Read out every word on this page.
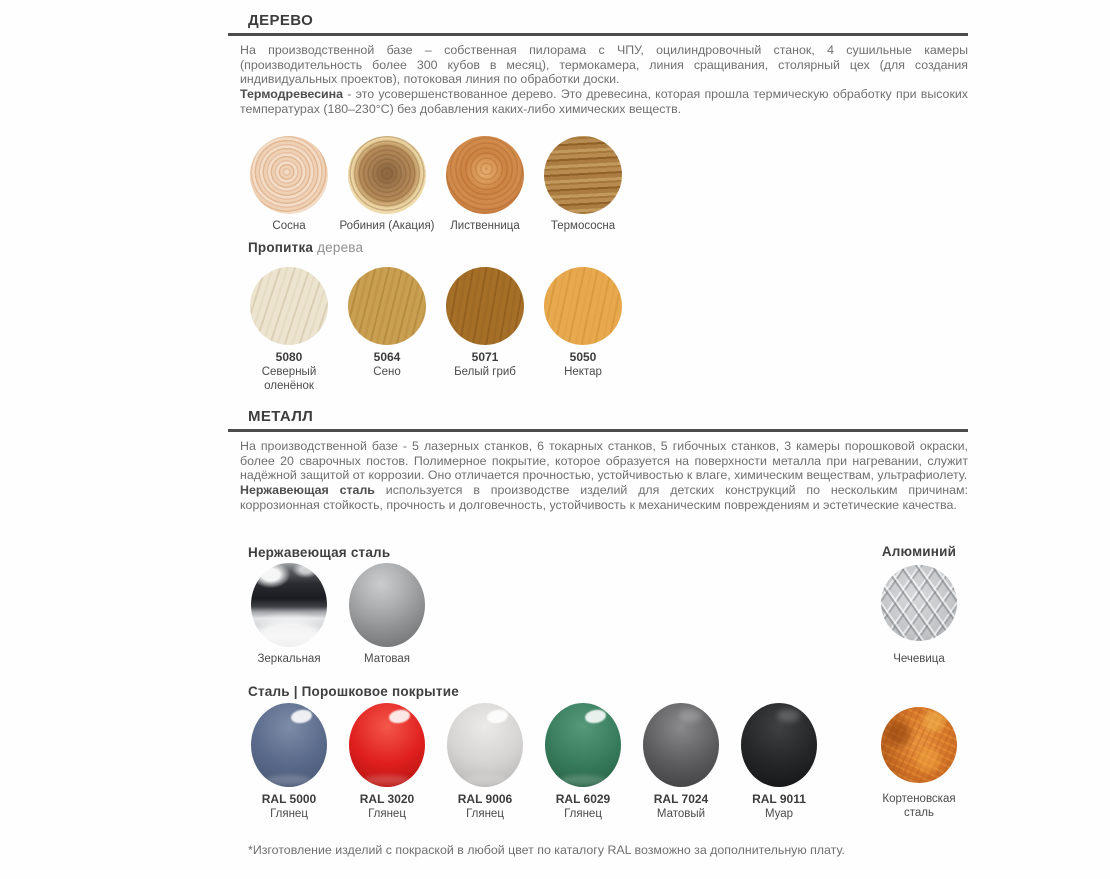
ДЕРЕВО

На производственной базе – собственная пилорама с ЧПУ, оцилиндровочный станок, 4 сушильные камеры (производительность более 300 кубов в месяц), термокамера, линия сращивания, столярный цех (для создания индивидуальных проектов), потоковая линия по обработки доски.

Термодревесина - это усовершенствованное дерево. Это древесина, которая прошла термическую обработку при высоких температурах (180–230°С) без добавления каких-либо химических веществ.

Сосна	Робиния (Акация) Лиственница	Термососна
Пропитка дерева
5080
Северный оленёнок
5064
Сено
5071
Белый гриб
5050
Нектар
МЕТАЛЛ

На производственной базе - 5 лазерных станков, 6 токарных станков, 5 гибочных станков, 3 камеры порошковой окраски, более 20 сварочных постов. Полимерное покрытие, которое образуется на поверхности металла при нагревании, служит надёжной защитой от коррозии. Оно отличается прочностью, устойчивостью к влаге, химическим веществам, ультрафиолету.

Нержавеющая сталь используется в производстве изделий для детских конструкций по нескольким причинам: коррозионная стойкость, прочность и долговечность, устойчивость к механическим повреждениям и эстетические качества.

Нержавеющая сталь	Алюминий
Зеркальная	Матовая	Чечевица
Сталь | Порошковое покрытие
RAL 5000
Глянец
RAL 3020
Глянец
RAL 9006
Глянец
RAL 6029
Глянец
RAL 7024
Матовый
RAL 9011
Муар
Кортеновская сталь
*Изготовление изделий с покраской в любой цвет по каталогу RAL возможно за дополнительную плату.
